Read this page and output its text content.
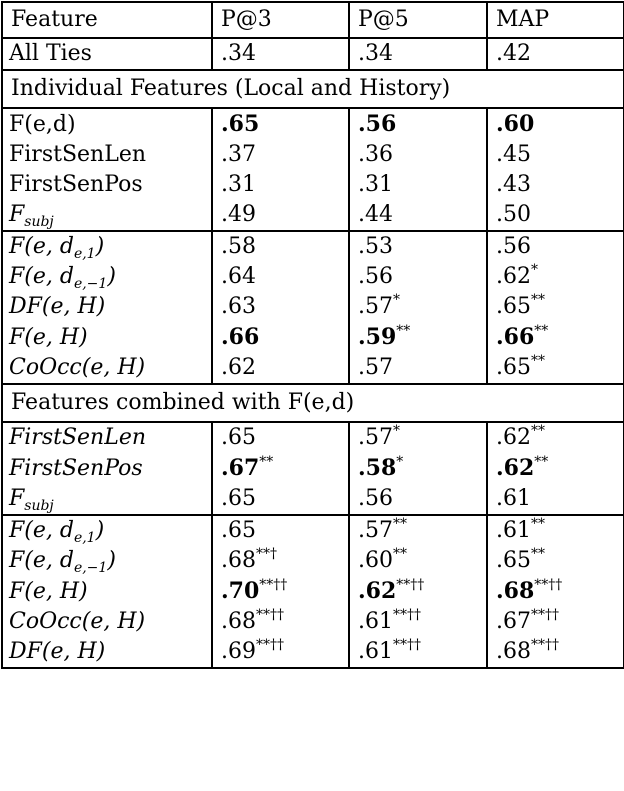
Feature	P@3	P@5	MAP
All Ties	.34	.34	.42
Individual Features (Local and History)			
F(e,d)	.65	.56	.60
FirstSenLen	.37	.36	.45
FirstSenPos	.31	.31	.43
$F_{subj}$	.49	.44	.50
F(e, $d_{e,1}$)	.58	.53	.56
F(e, $d_{e,-1}$)	.64	.56	.62*
DF(e, H)	.63	.57*	.65**
F(e, H)	.66	.59**	.66**
CoOcc(e, H)	.62	.57	.65**
Features combined with F(e,d)			
FirstSenLen	.65	.57*	.62**
FirstSenPos	.67**	.58*	.62**
$F_{subj}$	.65	.56	.61
F(e, $d_{e,1}$)	.65	.57**	.61**
F(e, $d_{e,-1}$)	.68**†	.60**	.65**
F(e, H)	.70**††	.62**††	.68**††
CoOcc(e, H)	.68**††	.61**††	.67**††
DF(e, H)	.69**††	.61**††	.68**††
